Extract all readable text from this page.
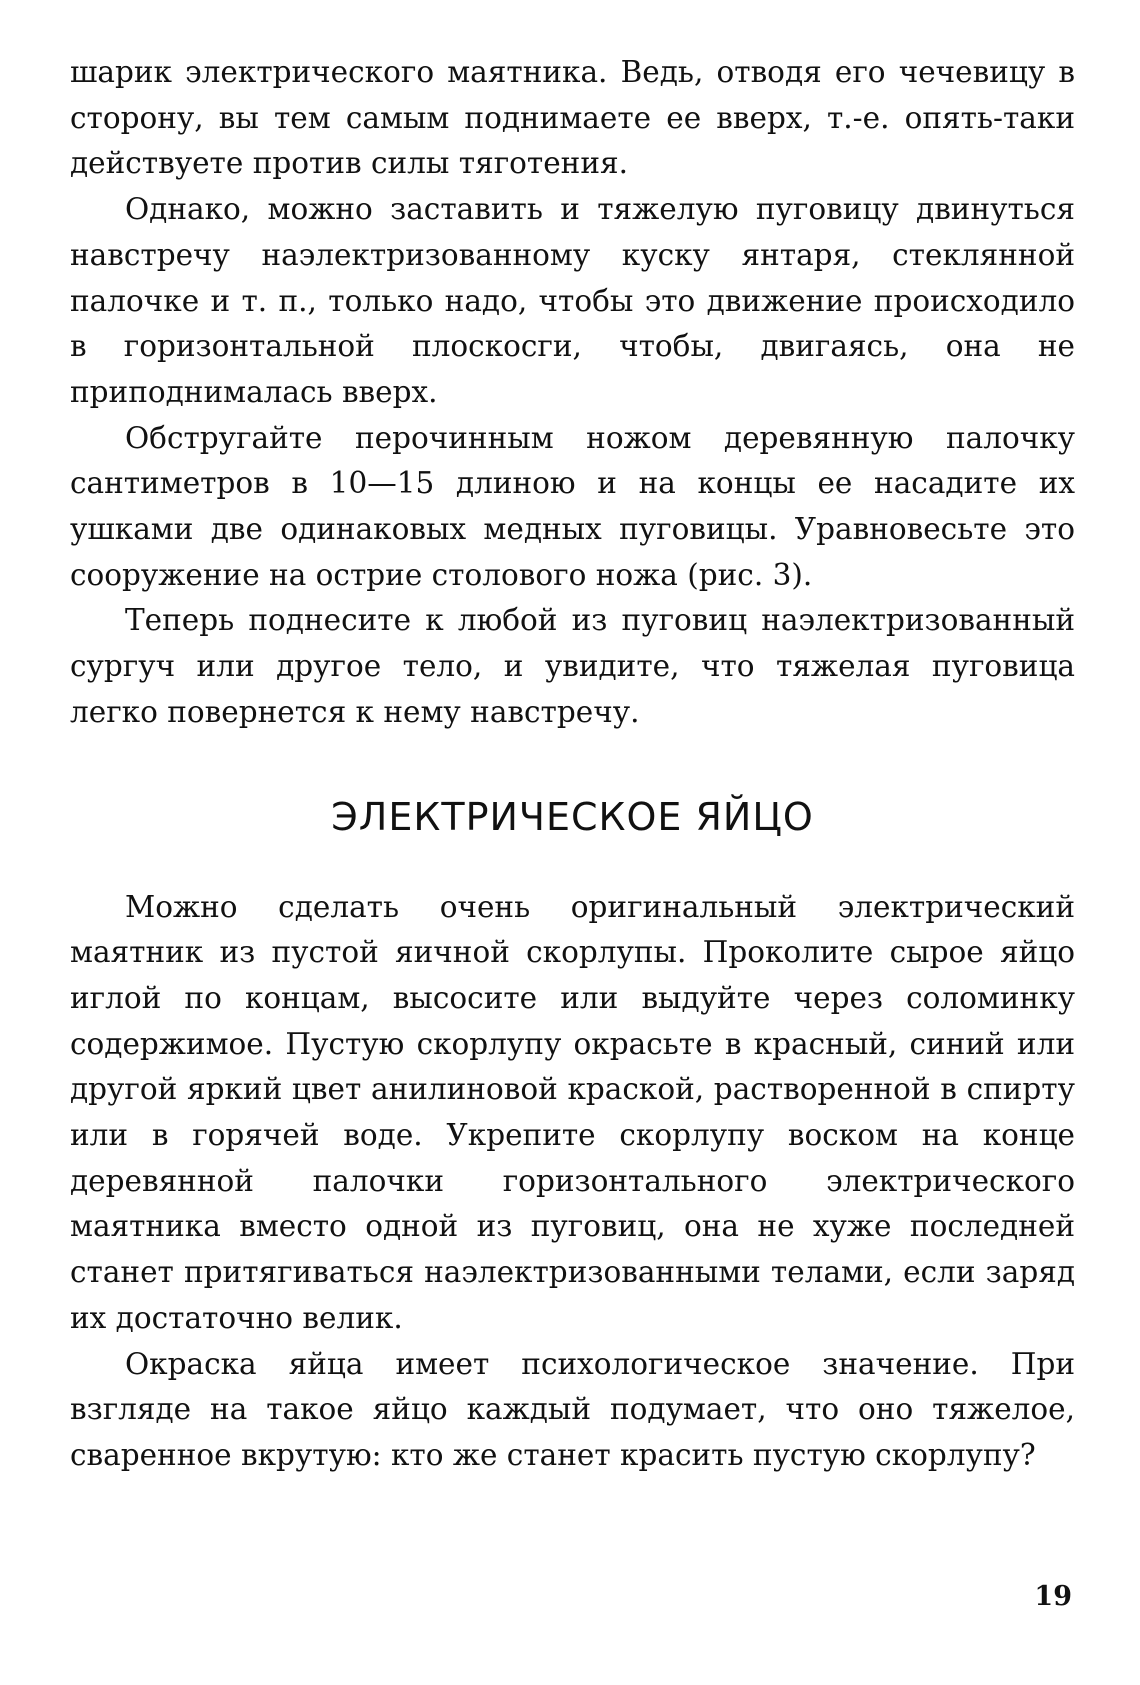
шарик электрического маятника. Ведь, отводя его чечевицу в сторону, вы тем самым поднимаете ее вверх, т.-е. опять-таки действуете против силы тяготения.

Однако, можно заставить и тяжелую пуговицу двинуться навстречу наэлектризованному куску янтаря, стеклянной палочке и т. п., только надо, чтобы это движение происходило в горизонтальной плоскосги, чтобы, двигаясь, она не приподнималась вверх.

Обстругайте перочинным ножом деревянную палочку сантиметров в 10—15 длиною и на концы ее насадите их ушками две одинаковых медных пуговицы. Уравновесьте это сооружение на острие столового ножа (рис. 3).

Теперь поднесите к любой из пуговиц наэлектризованный сургуч или другое тело, и увидите, что тяжелая пуговица легко повернется к нему навстречу.

ЭЛЕКТРИЧЕСКОЕ ЯЙЦО

Можно сделать очень оригинальный электрический маятник из пустой яичной скорлупы. Проколите сырое яйцо иглой по концам, высосите или выдуйте через соломинку содержимое. Пустую скорлупу окрасьте в красный, синий или другой яркий цвет анилиновой краской, растворенной в спирту или в горячей воде. Укрепите скорлупу воском на конце деревянной палочки горизонтального электрического маятника вместо одной из пуговиц, она не хуже последней станет притягиваться наэлектризованными телами, если заряд их достаточно велик.

Окраска яйца имеет психологическое значение. При взгляде на такое яйцо каждый подумает, что оно тяжелое, сваренное вкрутую: кто же станет красить пустую скорлупу?

19
